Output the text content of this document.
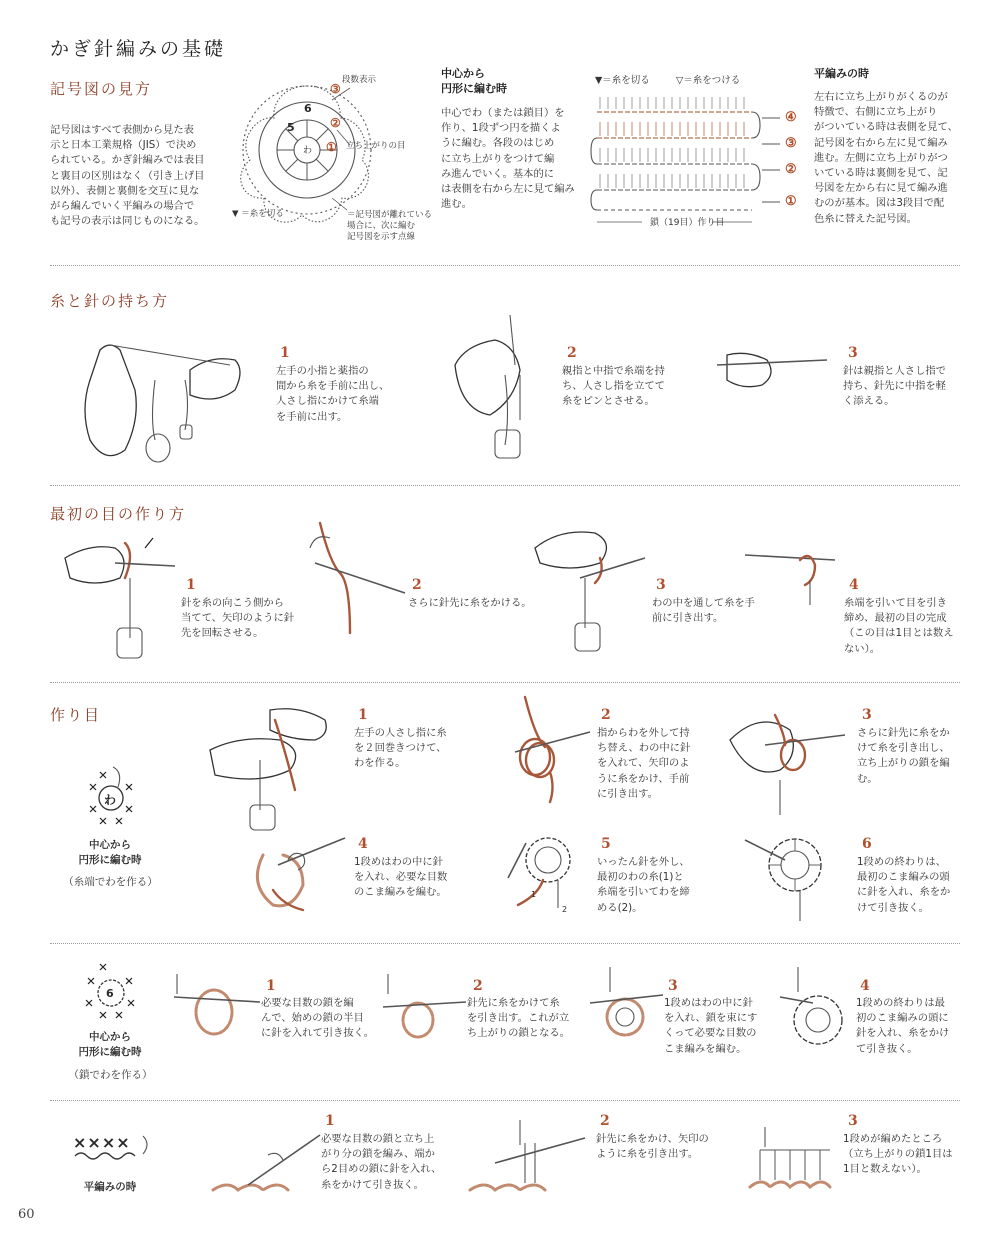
かぎ針編みの基礎
記号図の見方
記号図はすべて表側から見た表
示と日本工業規格（JIS）で決め
られている。かぎ針編みでは表目
と裏目の区別はなく（引き上げ目
以外）、表側と裏側を交互に見な
がら編んでいく平編みの場合で
も記号の表示は同じものになる。
段数表示
③
②
① 立ち上がりの目
6
5
わ
▼ ＝糸を切る	＝記号図が離れている
場合に、次に編む
記号図を示す点線
中心から
円形に編む時
中心でわ（または鎖目）を
作り、1段ずつ円を描くよ
うに編む。各段のはじめ
に立ち上がりをつけて編
み進んでいく。基本的に
は表側を右から左に見て編み
進む。
▼＝糸を切る	▽＝糸をつける
④
③
②
①
鎖（19目）作り目
平編みの時
左右に立ち上がりがくるのが
特徴で、右側に立ち上がり
がついている時は表側を見て、
記号図を右から左に見て編み
進む。左側に立ち上がりがつ
いている時は裏側を見て、記
号図を左から右に見て編み進
むのが基本。図は3段目で配
色糸に替えた記号図。
糸と針の持ち方
1
左手の小指と薬指の
間から糸を手前に出し、
人さし指にかけて糸端
を手前に出す。
2
親指と中指で糸端を持
ち、人さし指を立てて
糸をピンとさせる。
3
針は親指と人さし指で
持ち、針先に中指を軽
く添える。
最初の目の作り方
1
針を糸の向こう側から
当てて、矢印のように針
先を回転させる。
2
さらに針先に糸をかける。
3
わの中を通して糸を手
前に引き出す。
4
糸端を引いて目を引き
締め、最初の目の完成
（この目は1目とは数え
ない）。
作り目
わ
中心から
円形に編む時
（糸端でわを作る）
1
左手の人さし指に糸
を２回巻きつけて、
わを作る。
2
指からわを外して持
ち替え、わの中に針
を入れて、矢印のよ
うに糸をかけ、手前
に引き出す。
3
さらに針先に糸をか
けて糸を引き出し、
立ち上がりの鎖を編
む。
4
1段めはわの中に針
を入れ、必要な目数
のこま編みを編む。	1
2
5
いったん針を外し、
最初のわの糸(1)と
糸端を引いてわを締
める(2)。
6
1段めの終わりは、
最初のこま編みの頭
に針を入れ、糸をか
けて引き抜く。
6
中心から
円形に編む時
（鎖でわを作る）
1
必要な目数の鎖を編
んで、始めの鎖の半目
に針を入れて引き抜く。
2
針先に糸をかけて糸
を引き出す。これが立
ち上がりの鎖となる。
3
1段めはわの中に針
を入れ、鎖を束にす
くって必要な目数の
こま編みを編む。
4
1段めの終わりは最
初のこま編みの頭に
針を入れ、糸をかけ
て引き抜く。
××××
平編みの時
1
必要な目数の鎖と立ち上
がり分の鎖を編み、端か
ら2目めの鎖に針を入れ、
糸をかけて引き抜く。
2
針先に糸をかけ、矢印の
ように糸を引き出す。
3
1段めが編めたところ
（立ち上がりの鎖1目は
1目と数えない）。
60
